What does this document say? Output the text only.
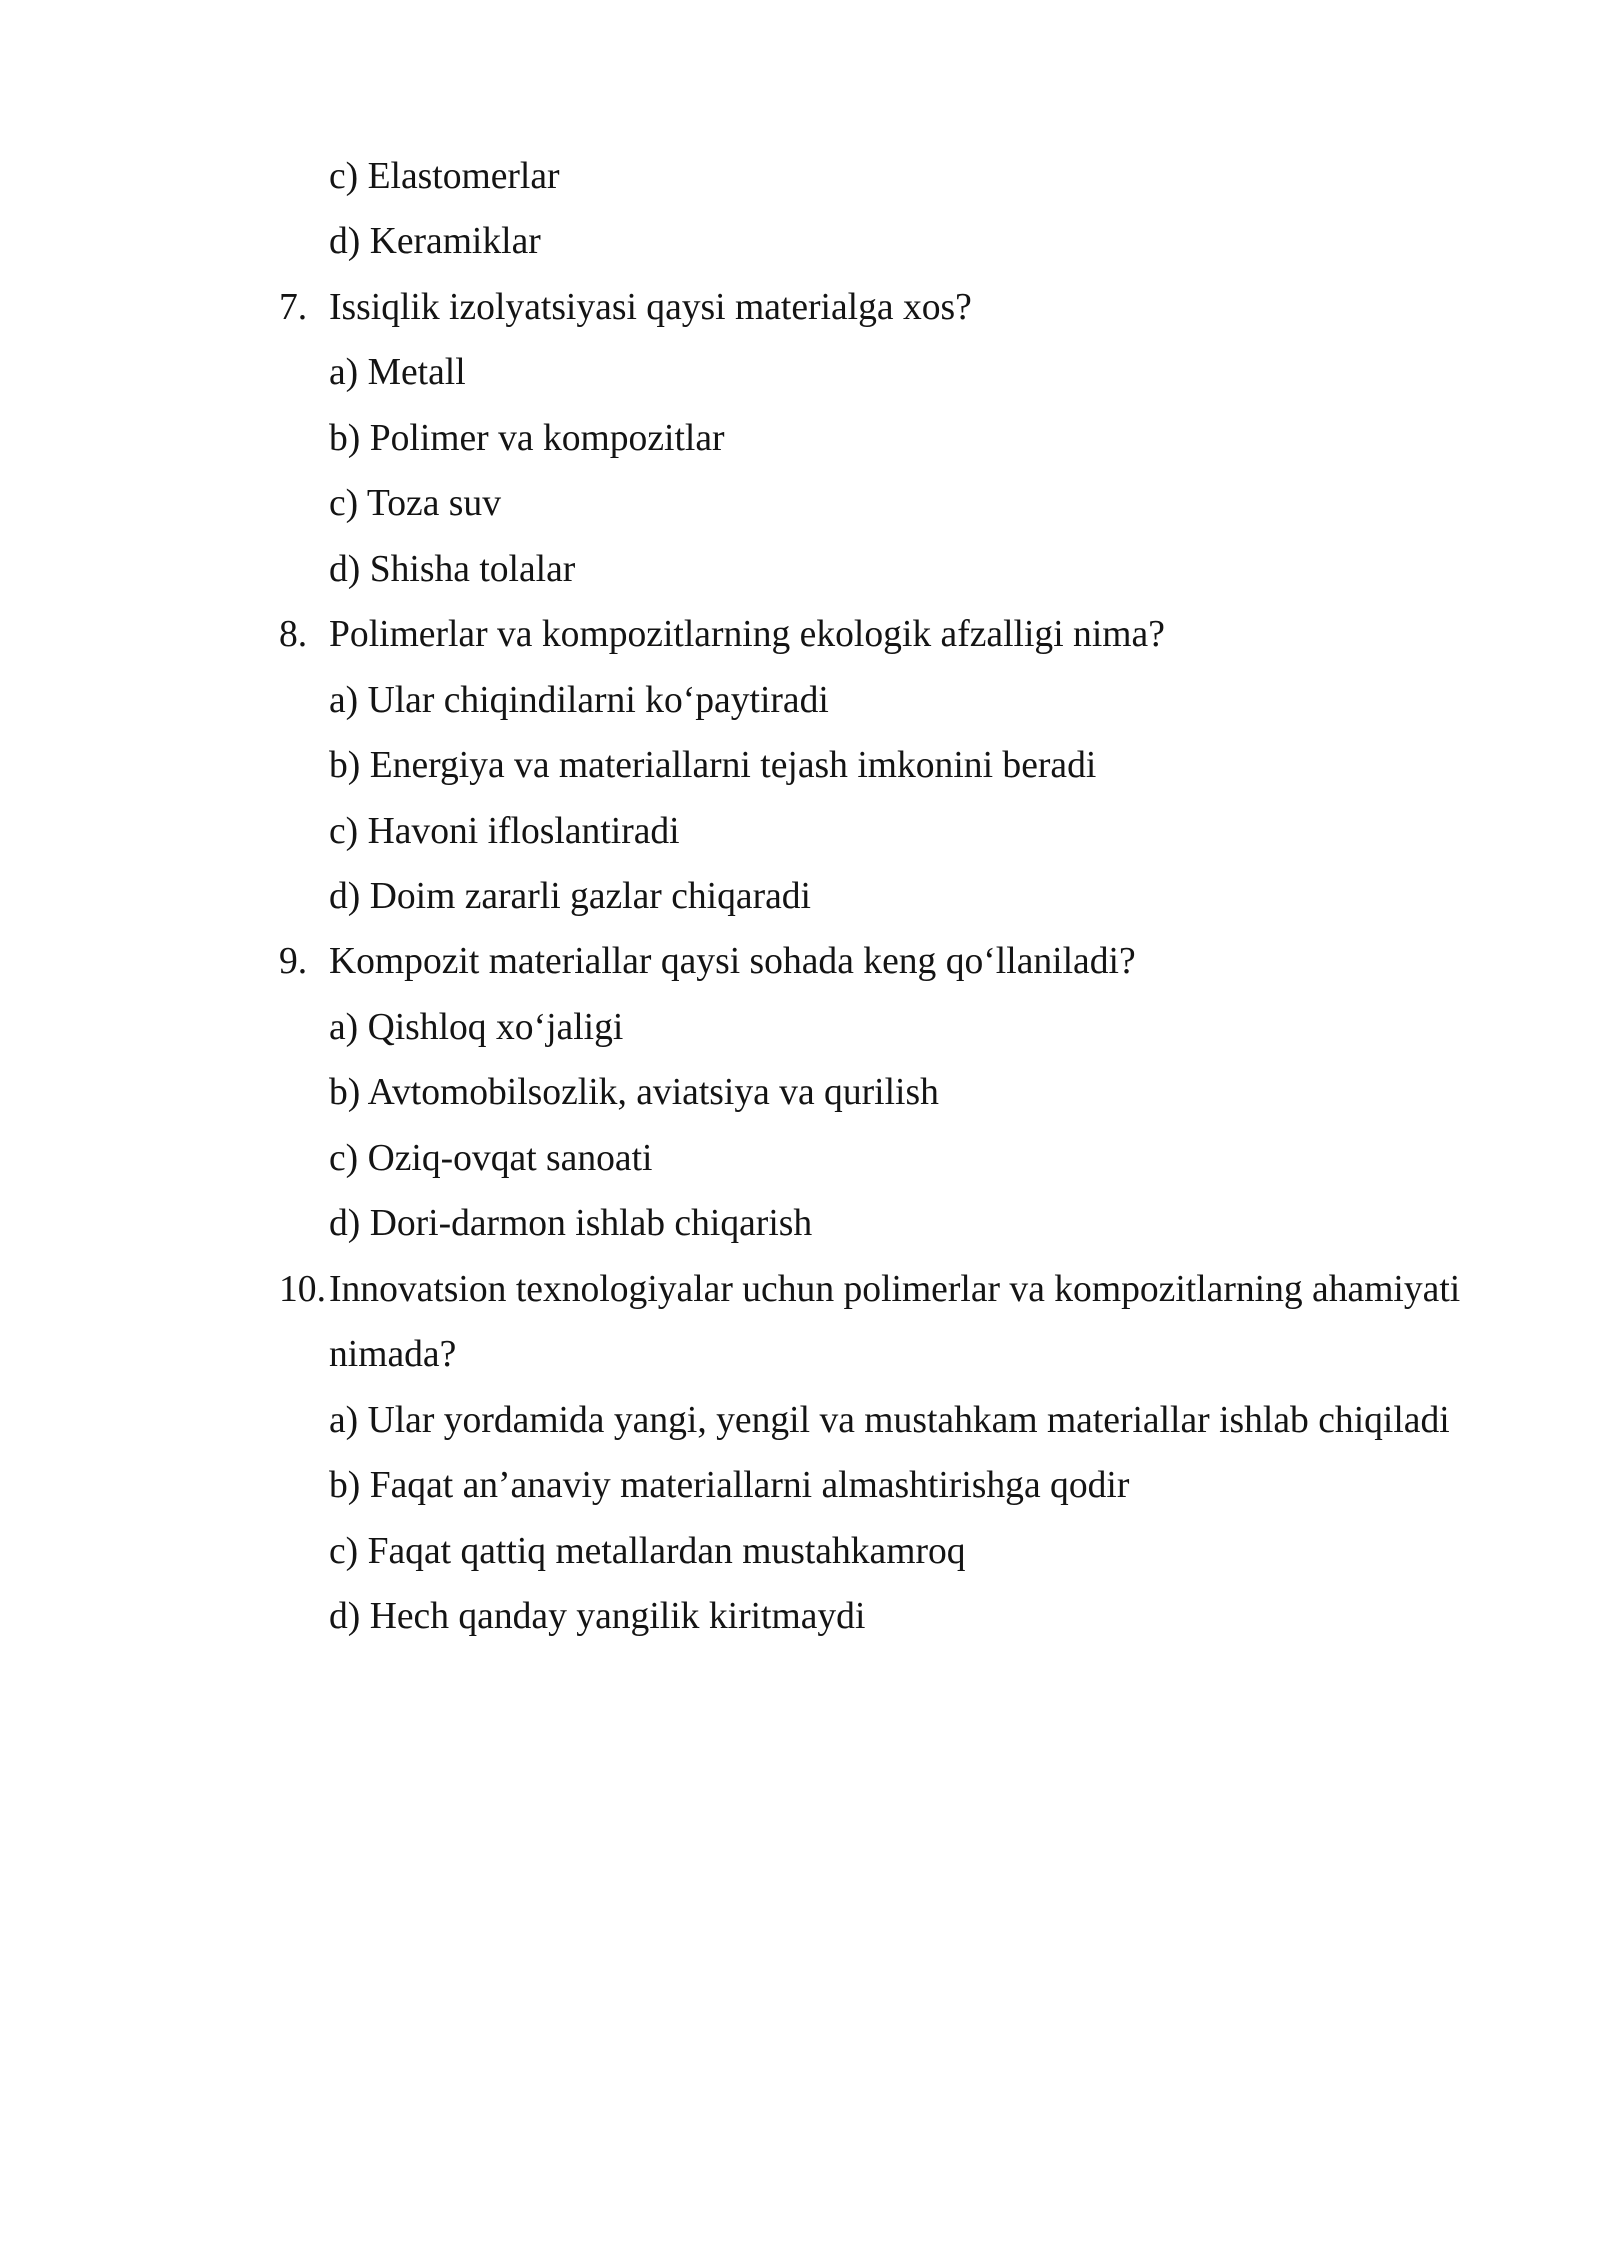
c) Elastomerlar
d) Keramiklar
7. Issiqlik izolyatsiyasi qaysi materialga xos?
a) Metall
b) Polimer va kompozitlar
c) Toza suv
d) Shisha tolalar
8. Polimerlar va kompozitlarning ekologik afzalligi nima?
a) Ular chiqindilarni ko‘paytiradi
b) Energiya va materiallarni tejash imkonini beradi
c) Havoni ifloslantiradi
d) Doim zararli gazlar chiqaradi
9. Kompozit materiallar qaysi sohada keng qo‘llaniladi?
a) Qishloq xo‘jaligi
b) Avtomobilsozlik, aviatsiya va qurilish
c) Oziq-ovqat sanoati
d) Dori-darmon ishlab chiqarish
10. Innovatsion texnologiyalar uchun polimerlar va kompozitlarning ahamiyati nimada?
a) Ular yordamida yangi, yengil va mustahkam materiallar ishlab chiqiladi
b) Faqat an’anaviy materiallarni almashtirishga qodir
c) Faqat qattiq metallardan mustahkamroq
d) Hech qanday yangilik kiritmaydi
